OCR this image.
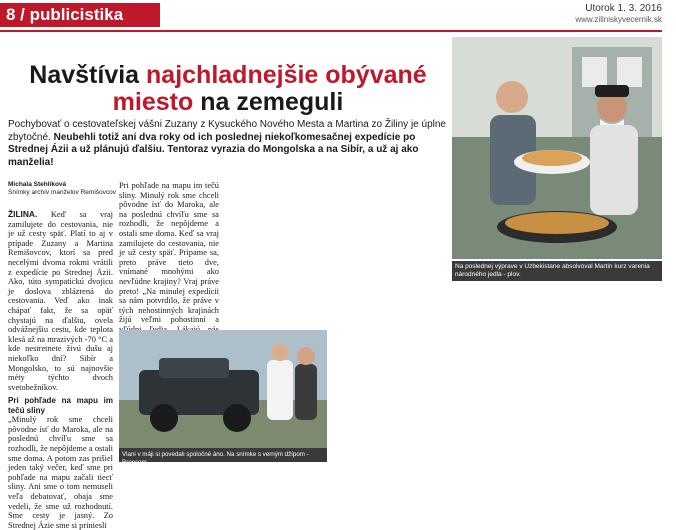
8 / publicistika	Utorok 1. 3. 2016
www.ziliniskyvecernik.sk
Navštívia najchladnejšie obývané miesto na zemeguli
Na poslednej výprave v Uzbekistane absolvoval Martin kurz varenia národného jedla - plov.
Pochybovať o cestovateľskej vášni Zuzany z Kysuckého Nového Mesta a Martina zo Žiliny je úplne zbytočné. Neubehli totiž ani dva roky od ich poslednej niekoľkomesačnej expedície po Strednej Ázii a už plánujú ďalšiu. Tentoraz vyrazia do Mongolska a na Sibír, a už aj ako manželia!
Michala Stehlíková
Snímky archív manželov Remišovcov

ŽILINA. Keď sa vraj zamilujete do cestovania, nie je už cesty späť. Platí to aj v prípade Zuzany a Martina Remišovcov, ktorí sa pred necelými dvoma rokmi vrátili z expedície po Strednej Ázii. Ako, túto sympatickú dvojicu je doslova zblázrená do cestovania. Veď ako inak chápať fakt, že sa opäť chystajú na ďalšiu, ovela odvážnejšiu cestu, kde teplota klesá až na mrazivých -70 °C a kde nestretnete živú dušu aj niekoľko dní? Sibír a Mongolsko, to sú najnovšie méty týchto dvoch svetobežníkov.

Pri pohľade na mapu im tečú sliny

„Minulý rok sme chceli pôvodne ísť do Maroka, ale na poslednú chvíľu sme sa rozhodli, že nepôjdeme a ostali sme doma. A potom zas prišiel jeden taký večer, keď sme pri pohľade na mapu začali tiecť sliny. Ani sme o tom nemuseli veľa debatovať, obaja sme vedeli, že sme už rozhodnutí. Sme cesty je jasný. Zo Strednej Ázie sme si priniesli

Pri pohľade na mapu im tečú sliny. Minulý rok sme chceli pôvodne ísť do Maroka, ale na poslednú chvíľu sme sa rozhodli, že nepôjdeme a ostali sme doma. Keď sa vraj zamilujete do cestovania, nie je už cesty späť. Pripame sa, preto práve tieto dve, vnímané mnohými ako nevľúdne krajiny? Vraj práve preto! „Na minulej expedícii sa nám potvrdilo, že práve v tých nehostinných krajinách žijú veľmi pohostinní a

Vlani v máji si povedali spoločné áno. Na snímke s verným džípom - Broncom.
